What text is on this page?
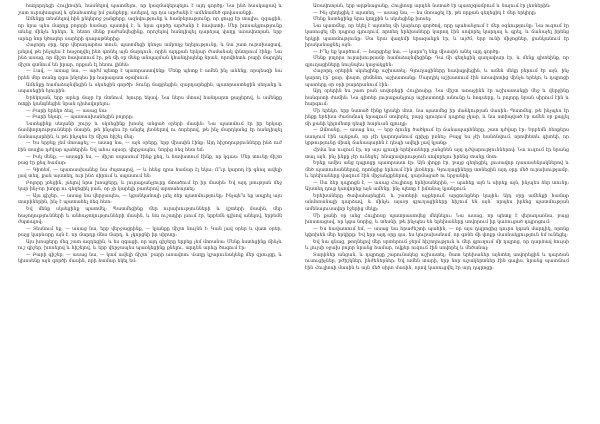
հաղորդեցի Հուլիոսին, հասնելով պատմելու, որ կազմակերպելու է այդ գործը: Նա ինձ հասկացավ և շատ ուրախացավ և գնահատեց իմ ջանքերը, ասելով, որ դա արժանի է ամենամեծ գովասանքի:

Ամենքը տեսնելով հին ընկերոջ ջանքերը, ազնվությունը և համբերությունը, որ ցույց էր տալիս, զգացին, որ նրա պես մարդը բոլորի համար պատիվ է, և նրա գործը արժանի է հավատի: Մեր խոսակցությունը տևեց մինչև երեկո, և հետո մենք բաժանվեցինք, որոշելով հանդիպել դարձյալ վաղը առավոտյան, երբ արևը նոր կծագեր սարերի գագաթներից:

Հաջորդ օրը, երբ վերադարձա տուն, պատմեցի կնոջս ամբողջ եղելությունը, և նա շատ ուրախացավ, լսելով թե ինչպես է հաջողվել ինձ գտնել այն մարդուն, որին այդքան երկար ժամանակ փնտրում էինք: Նա ինձ ասաց, որ միշտ հավատում էր, թե մի օր մենք անպայման կհանդիպենք նրան, որովհետև բարի մարդիկ միշտ գտնում են իրար, որքան էլ հեռու լինեն:

— Լավ, — ասաց նա, — այժմ պետք է պատրաստվենք: Մենք պետք է ամեն ինչ անենք, որպեսզի նա իրեն մեր տանը զգա ինչպես իր հարազատ օջախում:

Ամենքը համաձայնվեցին և սկսեցին գործի: Տունը մաքրեցին, զարդարեցին, պատրաստեցին սեղանը և սպասեցին հյուրին:

Երեկոյան, երբ արևը մայր էր մտնում, հյուրը եկավ: Նա ներս մտավ հանդարտ քայլերով, և ամենքը ոտքի կանգնեցին նրան դիմավորելու:

— Բարի երեկո ձեզ, — ասաց նա:

— Բարի եկար, — պատասխանեցին բոլորը:

Նստեցինք սեղանի շուրջ և սկսեցինք խոսել անցած օրերի մասին: Նա պատմում էր իր երկար ճամփորդությունների մասին, թե ինչպես էր անցել լեռներով ու ձորերով, թե ինչ մարդկանց էր հանդիպել ճանապարհին, և թե ինչպես էր միշտ հիշել մեզ:

— Ես երբեք չեմ մոռացել, — ասաց նա, — այն օրերը, երբ միասին էինք: Այդ հիշողությունները ինձ ուժ էին տալիս դժվար պահերին: Եվ ահա այսօր, վերջապես, նորից ձեզ հետ եմ:

— Իսկ մենք, — ասացի ես, — միշտ սպասում էինք քեզ, և հավատում էինք, որ կգաս: Մեր տունը միշտ բաց էր քեզ համար:

— Գիտեմ, — պատասխանեց նա ժպտալով, — և հենց դրա համար էլ եկա: Ո՞ւր կարող էի գնալ ավելի լավ տեղ, քան այստեղ, ուր ինձ սիրում և սպասում են:

Բոլորը լռեցին, լսելով նրա խոսքերը, և յուրաքանչյուրը մտածում էր իր մասին: Եվ այդ լռության մեջ կար ինչ-որ խորը ու գեղեցիկ բան, որ չի կարելի բառերով արտահայտել:

— Այս գիշեր, — ասաց նա վերջապես, — կցանկանայի լսել ձեր պատմությունը: Ինչպե՞ս եք ապրել այս տարիներին, ինչ է պատահել ձեզ հետ:

Եվ մենք սկսեցինք պատմել: Պատմեցինք մեր ուրախությունների և վշտերի մասին, մեր հաջողությունների և անհաջողությունների մասին, և նա ուշադիր լսում էր, երբեմն գլխով անելով, երբեմն ժպտալով:

— Տեսնում եք, — ասաց նա, երբ վերջացրինք, — կյանքը միշտ նույնն է: Կան լավ օրեր և վատ օրեր, բայց կարևորը այն է, որ մարդը մնա մարդ, և չկորցնի իր սիրտը:

Այս խոսքերը մեզ շատ ազդեցին, և ես զգացի, որ այդ գիշերը երբեք չեմ մոռանա: Մենք նստեցինք մինչև ուշ գիշեր, խոսելով և հիշելով, և երբ վերջապես պառկեցինք քնելու, արդեն արևը ծագում էր:

— Բարի գիշեր, — ասաց նա, — կամ ավելի ճիշտ՝ բարի առավոտ: Վաղը կշարունակենք մեր զրույցը, և կխոսենք այն գործի մասին, որի համար եկել եմ:

Առավոտյան, երբ արթնացանք, Հուլիոսը արդեն նստած էր պատշգամբում և նայում էր լեռներին:

— Ինչ գեղեցիկ է այստեղ, — ասաց նա, — ես մոռացել էի, թե որքան գեղեցիկ է մեր երկիրը:

Մենք նստեցինք նրա կողքին և սկսեցինք խոսել:

Նա պատմեց, որ եկել է այստեղ մի կարևոր գործով, որը պահանջում է մեր օգնությունը: Նա ուզում էր կառուցել մի դպրոց գյուղում, որտեղ երեխաները կարող էին սովորել կարդալ և գրել, և ճանաչել իրենց երկրի պատմությունը: Սա նրա վաղեմի երազանքն էր, և այժմ, երբ ունի միջոցներ, ցանկանում էր իրականացնել այն:

— Ի՞նչ եք կարծում, — հարցրեց նա, — կարո՞ղ ենք միասին անել այդ գործը:

Մենք բոլորս ուրախությամբ համաձայնվեցինք: Դա մի գեղեցիկ գաղափար էր, և մենք գիտեինք, որ գյուղացիները նույնպես կաջակցեն:

Հաջորդ օրերին սկսեցինք աշխատել: Գյուղացիները հավաքվեցին, և ամեն մեկը բերում էր այն, ինչ կարող էր՝ քար, փայտ, ցեմենտ, աշխատանք: Մարդիկ աշխատում էին առավոտից մինչև երեկո, և դպրոցի պատերը օր օրի բարձրանում էին:

Այդ օրերին ես շատ բան սովորեցի Հուլիոսից: Նա միշտ առաջինն էր աշխատանքի մեջ և վերջինը հանգստի ժամին: Նա գիտեր յուրաքանչյուր աշխատողի անունը և հոգսերը, և բոլորը նրան սիրում էին և հարգում:

Մի երեկո, երբ նստած էինք կրակի մոտ, նա պատմեց իր մանկության մասին: Պատմեց, թե ինչպես էր ինքը երեխա ժամանակ երազում սովորել, բայց գյուղում դպրոց չկար, և նա ստիպված էր ամեն օր քայլել մի քանի կիլոմետր դեպի հարևան գյուղը:

— Ձմռանը, — ասաց նա, — երբ ձյունը ծածկում էր ճանապարհները, շատ դժվար էր: Երբեմն ձեռքերս սառչում էին այնքան, որ չէի կարողանում գրիչը բռնել: Բայց ես չէի հանձնվում, որովհետև գիտեի, որ կրթությունը միակ ճանապարհն է դեպի ավելի լավ կյանք:

Հիմա նա ուզում էր, որ այս գյուղի երեխաները չանցնեն այդ դժվարություններով: Նա ուզում էր նրանց տալ այն, ինչ ինքը չէր ունեցել՝ հնարավորություն սովորելու իրենց տանը մոտ:

Երեք ամիս անց դպրոցը պատրաստ էր: Այն փոքր էր, բայց գեղեցիկ, լուսավոր դասասենյակներով և մեծ պատուհաններով, որոնցից երևում էին լեռները: Գյուղացիները տոնեցին այդ օրը մեծ ուրախությամբ, և երեխաները վազում էին միջանցքներով, զարմացած ու երջանիկ:

— Սա ձեր դպրոցն է, — ասաց Հուլիոսը երեխաներին, — պահեք այն և սիրեք այն, ինչպես ձեր տունը: Այստեղ դուք կսովորեք այն ամենը, ինչ պետք է իմանալ կյանքում:

Երեխաները ծափահարեցին, և շատերի աչքերում արցունքներ կային: Այդ օրը ամենքի համար անմոռանալի դարձավ, և մինչև այսօր գյուղացիները հիշում են այն՝ որպես իրենց պատմության ամենալուսավոր էջերից մեկը:

Մի քանի օր անց Հուլիոսը պատրաստվեց մեկնելու: Նա ասաց, որ պետք է վերադառնա, բայց խոստացավ, որ կգա նորից, և տեսնի, թե ինչպես են երեխաները սովորում իր կառուցած դպրոցում:

— Ես հավատում եմ, — ասաց նա հրաժեշտի պահին, — որ այս դպրոցից դուրս կգան մարդիկ, որոնք կփոխեն մեր երկիրը: Եվ երբ այդ օրը գա, ես կուրախանամ, որ գոնե մի փոքր մասնակցություն եմ ունեցել:

Եվ նա գնաց, թողնելով մեր սրտերում ջերմ հիշողություն և մեր գյուղում մի դպրոց, որ դարձավ հույսի և լույսի օջախ բոլոր նրանց համար, ովքեր ուզում էին սովորել և մեծանալ:

Տարիներ անցան, և դպրոցը շարունակեց աշխատել: Շատ երեխաներ այնտեղ սովորեցին և դարձան ուսուցիչներ, բժիշկներ, ինժեներներ: Եվ ամեն տարի, երբ նոր աշակերտներ էին գալիս, նրանց պատմում էին Հուլիոսի մասին և այն մեծ սիրո մասին, որով կառուցվել էր այդ դպրոցը:
